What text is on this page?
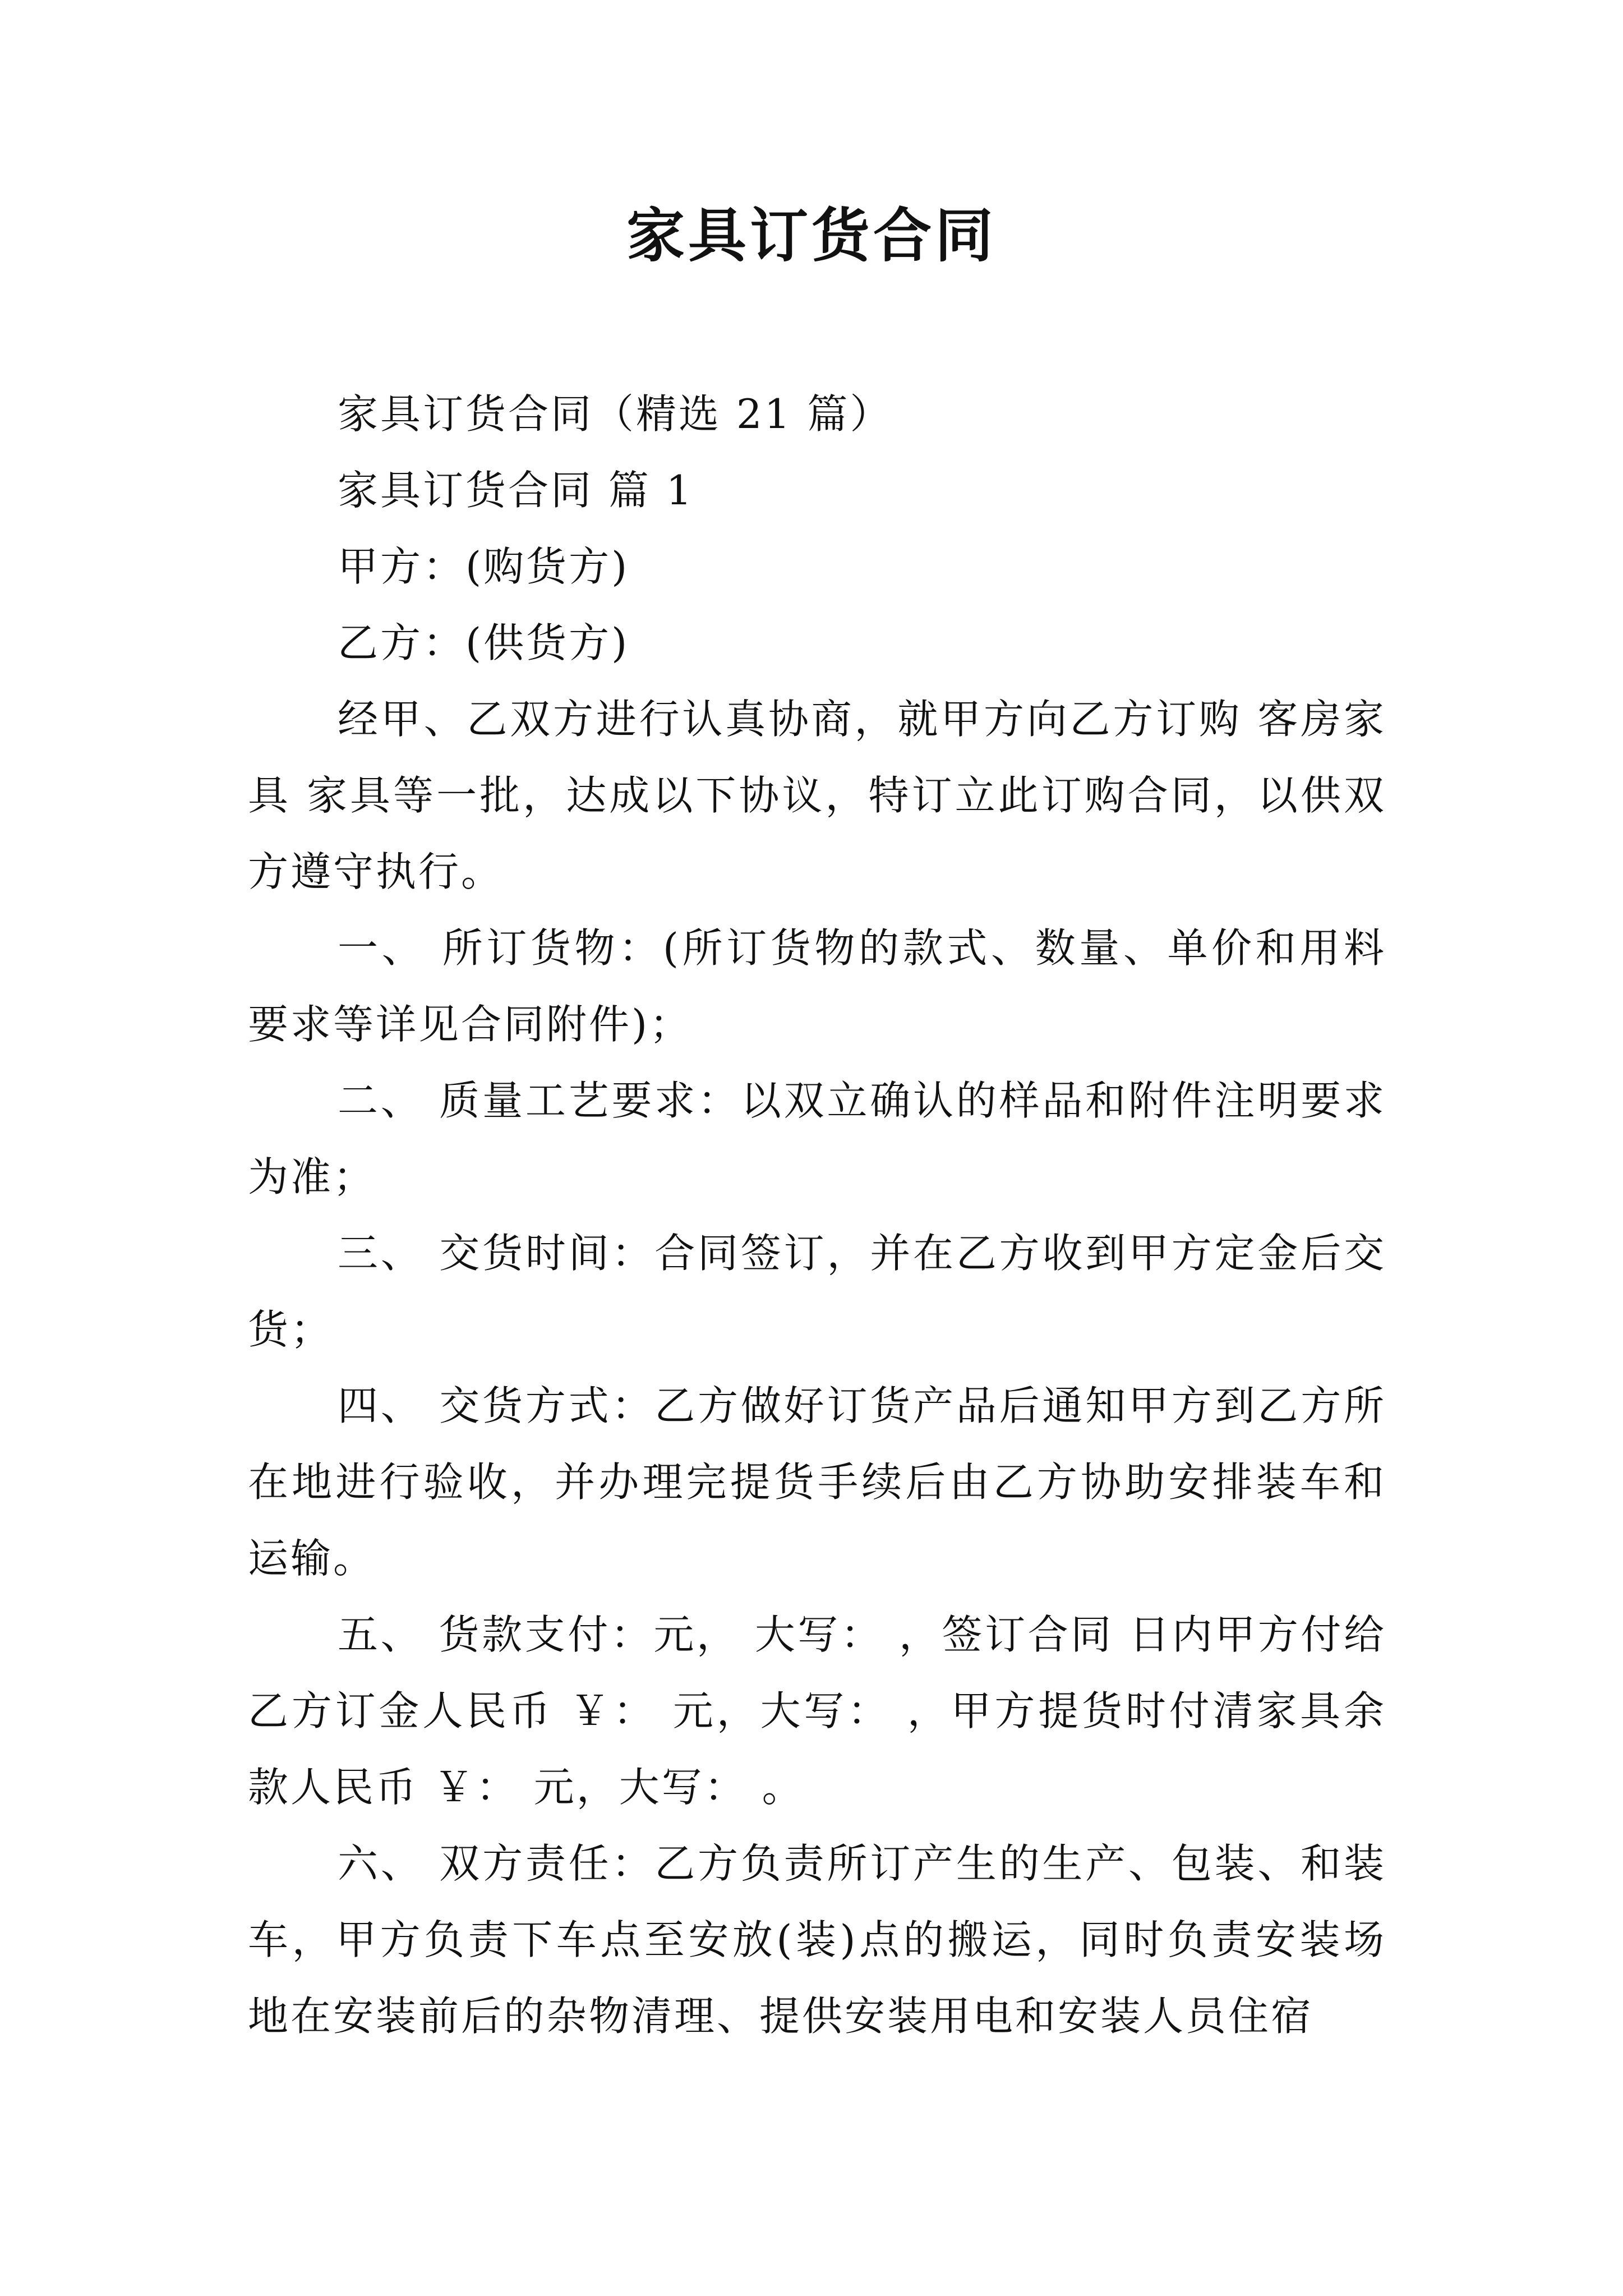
家具订货合同

家具订货合同（精选 21 篇）

家具订货合同 篇 1

甲方：(购货方)

乙方：(供货方)

经甲、乙双方进行认真协商，就甲方向乙方订购 客房家具 家具等一批，达成以下协议，特订立此订购合同，以供双方遵守执行。

一、 所订货物：(所订货物的款式、数量、单价和用料要求等详见合同附件)；

二、 质量工艺要求：以双立确认的样品和附件注明要求为准；

三、 交货时间：合同签订，并在乙方收到甲方定金后交货；

四、 交货方式：乙方做好订货产品后通知甲方到乙方所在地进行验收，并办理完提货手续后由乙方协助安排装车和运输。

五、 货款支付：元， 大写： ，签订合同 日内甲方付给乙方订金人民币 ￥： 元，大写： ，甲方提货时付清家具余款人民币 ￥： 元，大写： 。

六、 双方责任：乙方负责所订产生的生产、包装、和装车，甲方负责下车点至安放(装)点的搬运，同时负责安装场地在安装前后的杂物清理、提供安装用电和安装人员住宿
